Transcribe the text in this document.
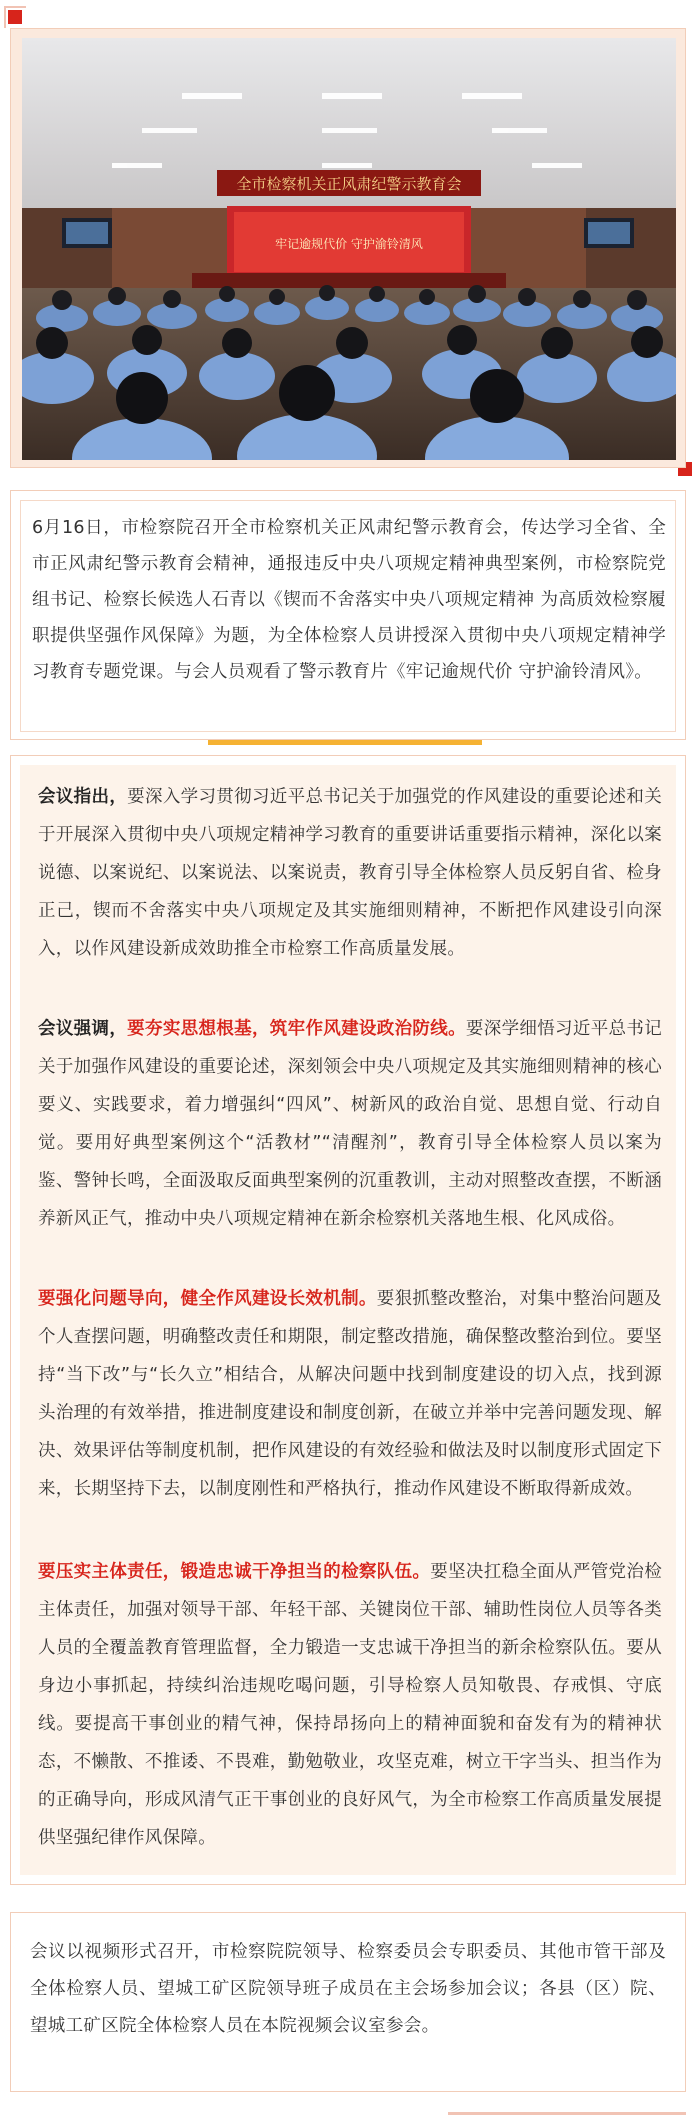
全市检察机关正风肃纪警示教育会
牢记逾规代价 守护渝铃清风

6月16日，市检察院召开全市检察机关正风肃纪警示教育会，传达学习全省、全市正风肃纪警示教育会精神，通报违反中央八项规定精神典型案例，市检察院党组书记、检察长候选人石青以《锲而不舍落实中央八项规定精神 为高质效检察履职提供坚强作风保障》为题，为全体检察人员讲授深入贯彻中央八项规定精神学习教育专题党课。与会人员观看了警示教育片《牢记逾规代价 守护渝铃清风》。

会议指出，要深入学习贯彻习近平总书记关于加强党的作风建设的重要论述和关于开展深入贯彻中央八项规定精神学习教育的重要讲话重要指示精神，深化以案说德、以案说纪、以案说法、以案说责，教育引导全体检察人员反躬自省、检身正己，锲而不舍落实中央八项规定及其实施细则精神，不断把作风建设引向深入，以作风建设新成效助推全市检察工作高质量发展。

会议强调，要夯实思想根基，筑牢作风建设政治防线。要深学细悟习近平总书记关于加强作风建设的重要论述，深刻领会中央八项规定及其实施细则精神的核心要义、实践要求，着力增强纠“四风”、树新风的政治自觉、思想自觉、行动自觉。要用好典型案例这个“活教材”“清醒剂”，教育引导全体检察人员以案为鉴、警钟长鸣，全面汲取反面典型案例的沉重教训，主动对照整改查摆，不断涵养新风正气，推动中央八项规定精神在新余检察机关落地生根、化风成俗。

要强化问题导向，健全作风建设长效机制。要狠抓整改整治，对集中整治问题及个人查摆问题，明确整改责任和期限，制定整改措施，确保整改整治到位。要坚持“当下改”与“长久立”相结合，从解决问题中找到制度建设的切入点，找到源头治理的有效举措，推进制度建设和制度创新，在破立并举中完善问题发现、解决、效果评估等制度机制，把作风建设的有效经验和做法及时以制度形式固定下来，长期坚持下去，以制度刚性和严格执行，推动作风建设不断取得新成效。

要压实主体责任，锻造忠诚干净担当的检察队伍。要坚决扛稳全面从严管党治检主体责任，加强对领导干部、年轻干部、关键岗位干部、辅助性岗位人员等各类人员的全覆盖教育管理监督，全力锻造一支忠诚干净担当的新余检察队伍。要从身边小事抓起，持续纠治违规吃喝问题，引导检察人员知敬畏、存戒惧、守底线。要提高干事创业的精气神，保持昂扬向上的精神面貌和奋发有为的精神状态，不懒散、不推诿、不畏难，勤勉敬业，攻坚克难，树立干字当头、担当作为的正确导向，形成风清气正干事创业的良好风气，为全市检察工作高质量发展提供坚强纪律作风保障。

会议以视频形式召开，市检察院院领导、检察委员会专职委员、其他市管干部及全体检察人员、望城工矿区院领导班子成员在主会场参加会议；各县（区）院、望城工矿区院全体检察人员在本院视频会议室参会。
